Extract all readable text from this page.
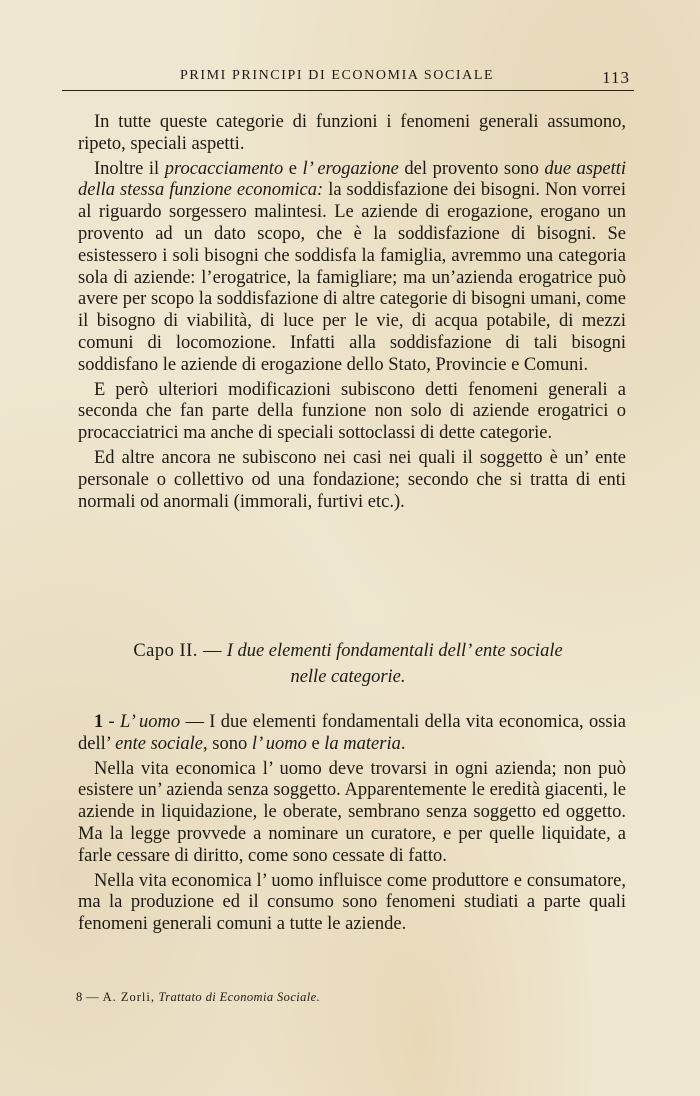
PRIMI PRINCIPI DI ECONOMIA SOCIALE	113

In tutte queste categorie di funzioni i fenomeni generali assumono, ripeto, speciali aspetti.

Inoltre il procacciamento e l’ erogazione del provento sono due aspetti della stessa funzione economica: la soddisfazione dei bisogni. Non vorrei al riguardo sorgessero malintesi. Le aziende di erogazione, erogano un provento ad un dato scopo, che è la soddisfazione di bisogni. Se esistessero i soli bisogni che soddisfa la famiglia, avremmo una categoria sola di aziende: l’erogatrice, la famigliare; ma un’azienda erogatrice può avere per scopo la soddisfazione di altre categorie di bisogni umani, come il bisogno di viabilità, di luce per le vie, di acqua potabile, di mezzi comuni di locomozione. Infatti alla soddisfazione di tali bisogni soddisfano le aziende di erogazione dello Stato, Provincie e Comuni.

E però ulteriori modificazioni subiscono detti fenomeni generali a seconda che fan parte della funzione non solo di aziende erogatrici o procacciatrici ma anche di speciali sottoclassi di dette categorie.

Ed altre ancora ne subiscono nei casi nei quali il soggetto è un’ ente personale o collettivo od una fondazione; secondo che si tratta di enti normali od anormali (immorali, furtivi etc.).

Capo II. — I due elementi fondamentali dell’ ente sociale
nelle categorie.

1 - L’ uomo — I due elementi fondamentali della vita economica, ossia dell’ ente sociale, sono l’ uomo e la materia.

Nella vita economica l’ uomo deve trovarsi in ogni azienda; non può esistere un’ azienda senza soggetto. Apparentemente le eredità giacenti, le aziende in liquidazione, le oberate, sembrano senza soggetto ed oggetto. Ma la legge provvede a nominare un curatore, e per quelle liquidate, a farle cessare di diritto, come sono cessate di fatto.

Nella vita economica l’ uomo influisce come produttore e consumatore, ma la produzione ed il consumo sono fenomeni studiati a parte quali fenomeni generali comuni a tutte le aziende.

8 — A. Zorli, Trattato di Economia Sociale.
